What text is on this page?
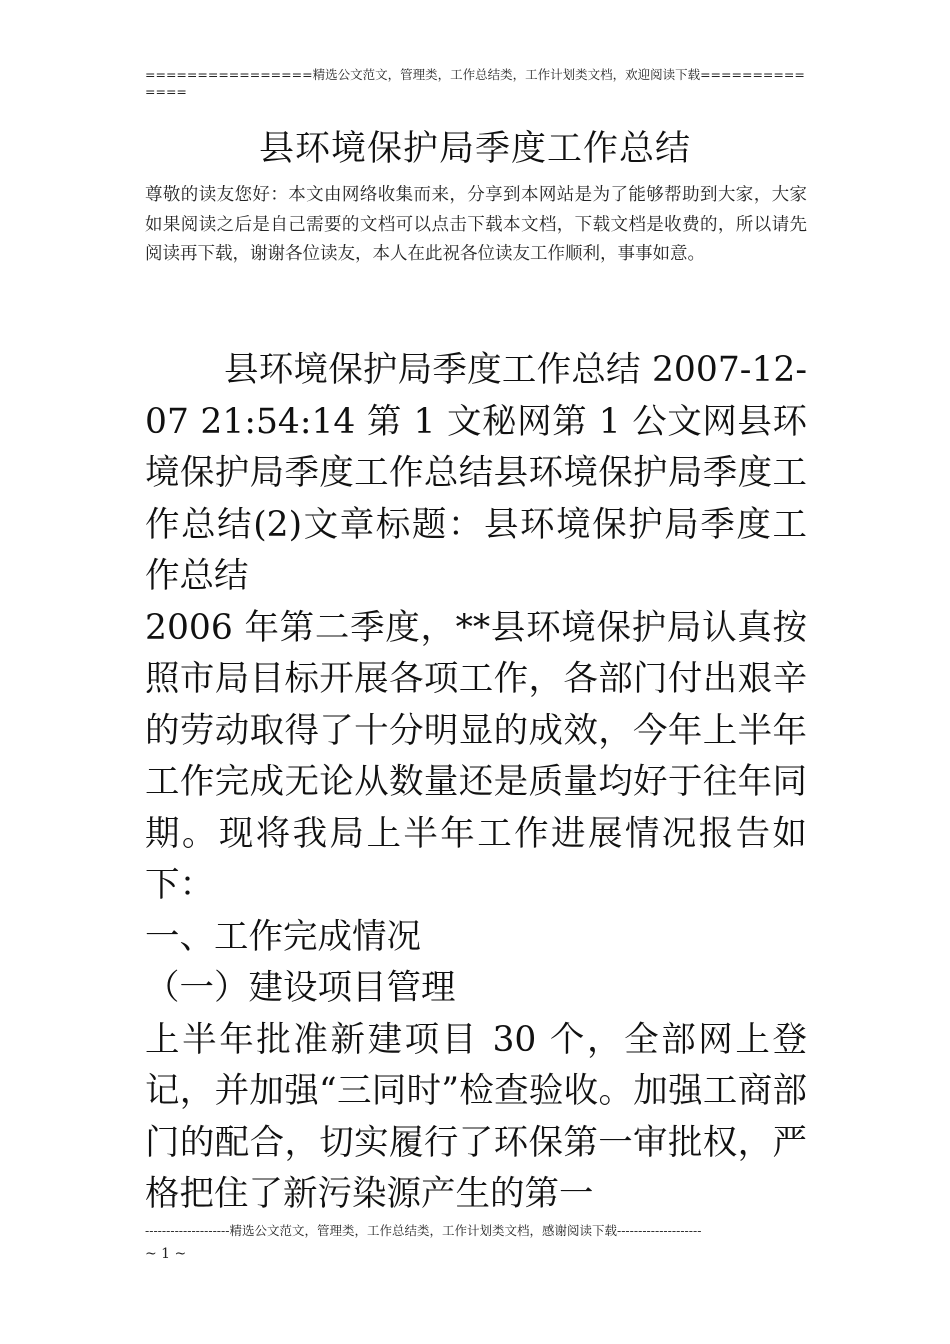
================精选公文范文，管理类，工作总结类，工作计划类文档，欢迎阅读下载==============
县环境保护局季度工作总结
尊敬的读友您好：本文由网络收集而来，分享到本网站是为了能够帮助到大家，大家如果阅读之后是自己需要的文档可以点击下载本文档，下载文档是收费的，所以请先阅读再下载，谢谢各位读友，本人在此祝各位读友工作顺利，事事如意。

县环境保护局季度工作总结 2007-12-07 21:54:14 第 1 文秘网第 1 公文网县环境保护局季度工作总结县环境保护局季度工作总结(2)文章标题：县环境保护局季度工作总结

2006 年第二季度，**县环境保护局认真按照市局目标开展各项工作，各部门付出艰辛的劳动取得了十分明显的成效，今年上半年工作完成无论从数量还是质量均好于往年同期。现将我局上半年工作进展情况报告如下：

一、工作完成情况

（一）建设项目管理

上半年批准新建项目 30 个，全部网上登记，并加强“三同时”检查验收。加强工商部门的配合，切实履行了环保第一审批权，严格把住了新污染源产生的第一

--------------------精选公文范文，管理类，工作总结类，工作计划类文档，感谢阅读下载--------------------
~ 1 ~
